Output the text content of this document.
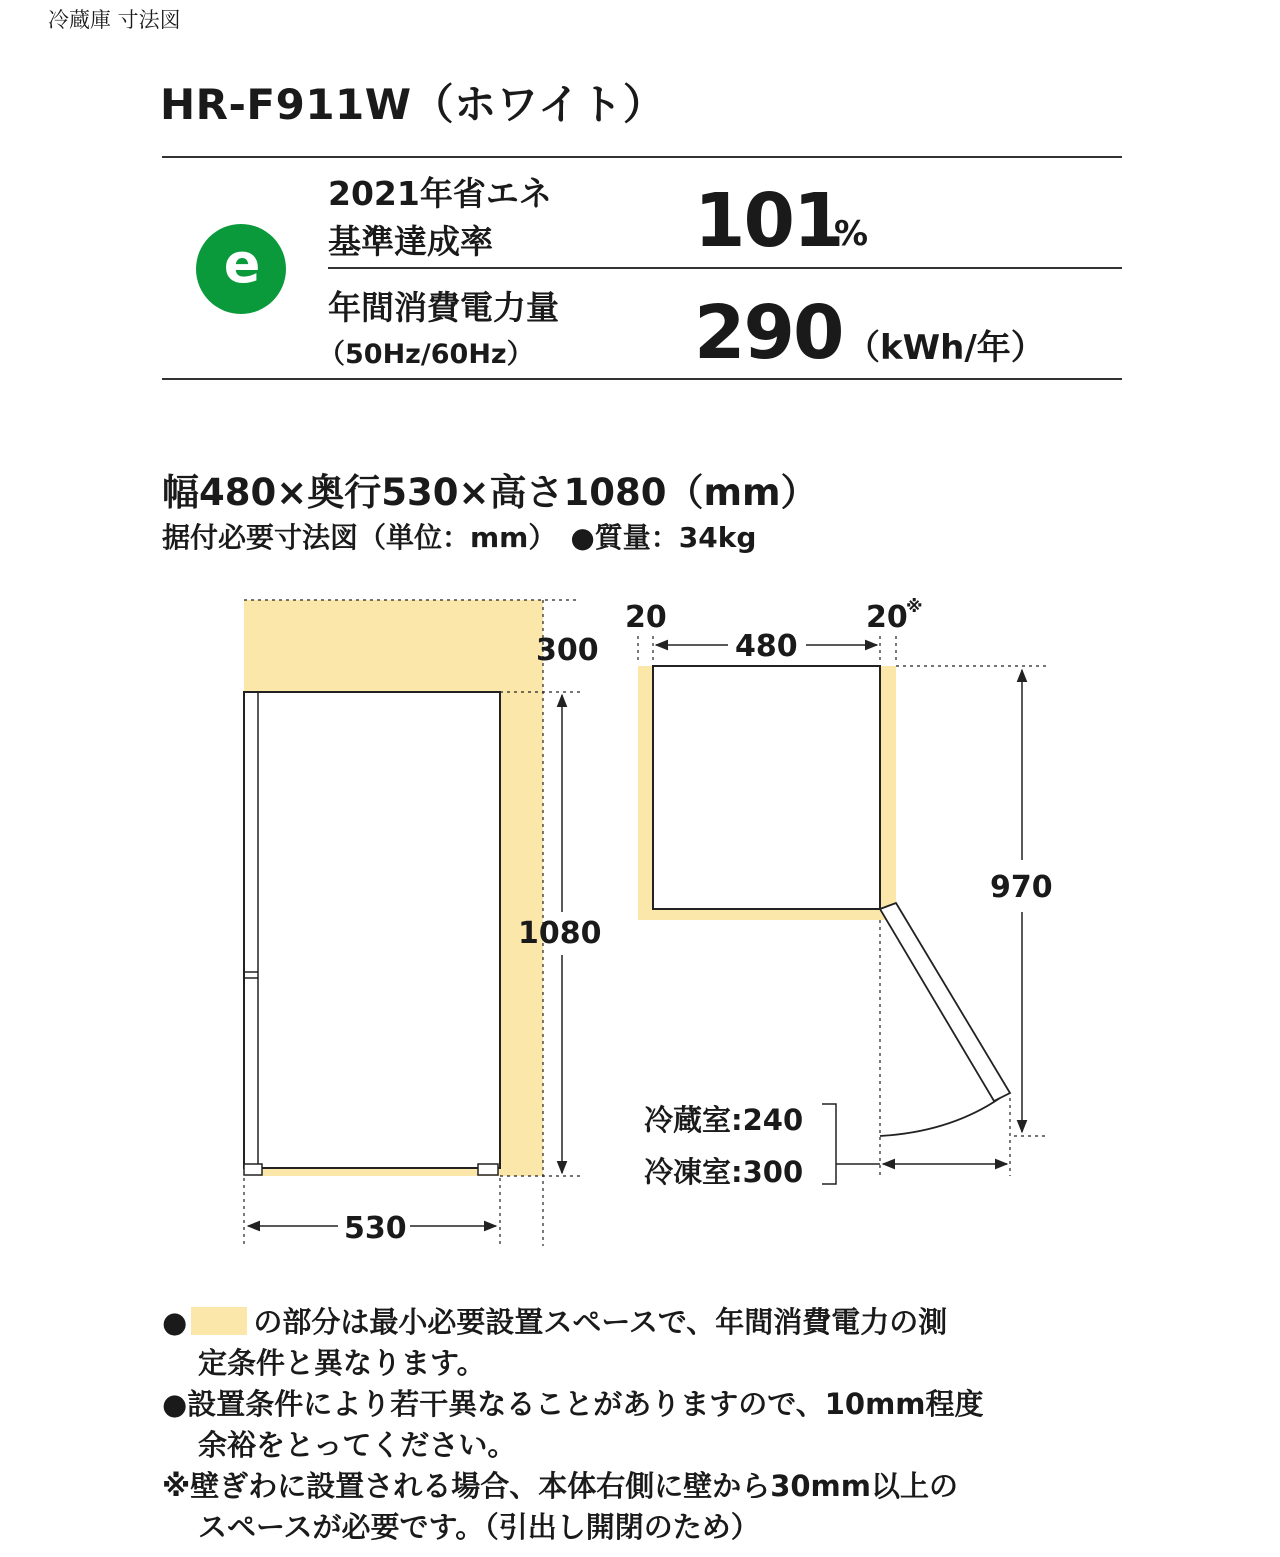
冷蔵庫 寸法図
HR-F911W（ホワイト）
e
2021年省エネ
基準達成率	101
%
年間消費電力量
（50Hz/60Hz） 290 （kWh/年）
幅480×奥行530×高さ1080（mm）
据付必要寸法図（単位：mm）　●質量：34kg
300
1080
530
20
480
20
※
970
冷蔵室:240
冷凍室:300
● の部分は最小必要設置スペースで、年間消費電力の測
定条件と異なります。
●設置条件により若干異なることがありますので、10mm程度
余裕をとってください。
※壁ぎわに設置される場合、本体右側に壁から30mm以上の
スペースが必要です。（引出し開閉のため）
